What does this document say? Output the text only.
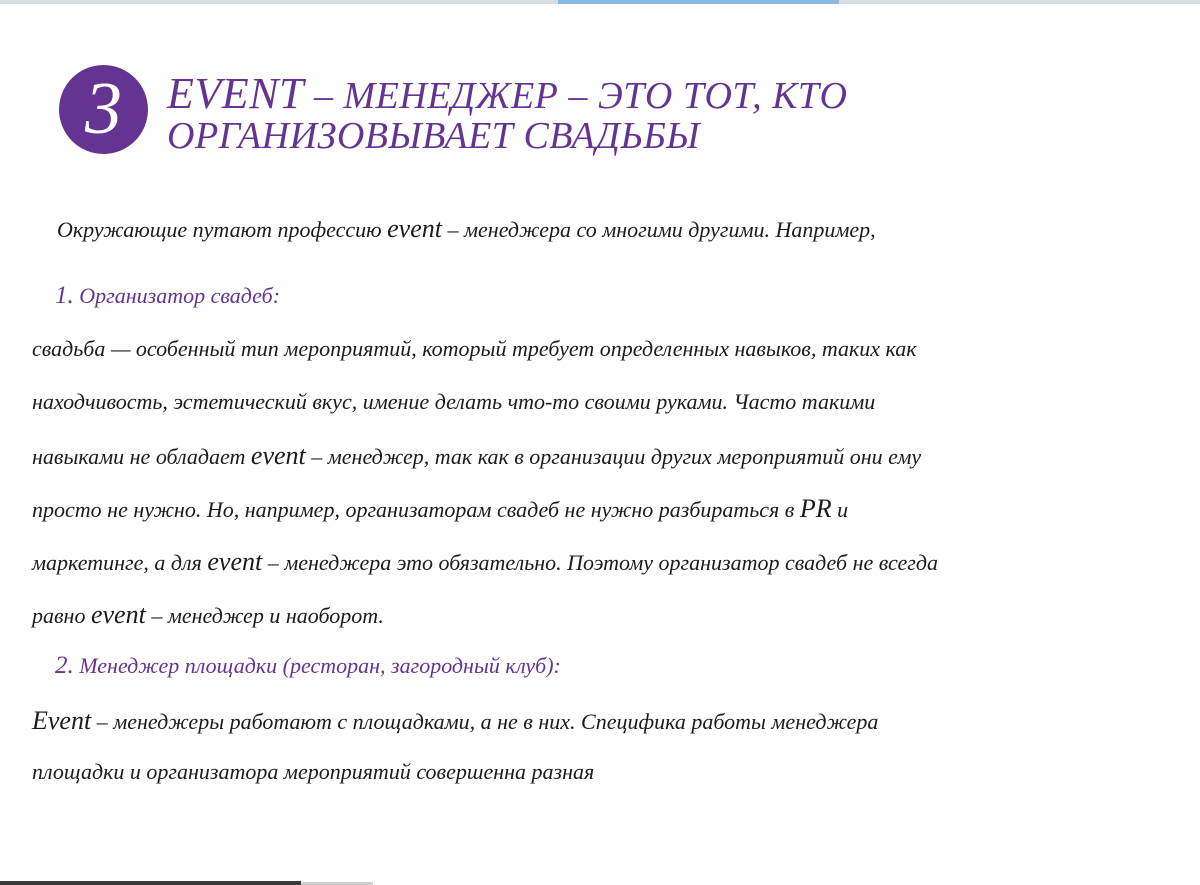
3	EVENT – МЕНЕДЖЕР – ЭТО ТОТ, КТО
ОРГАНИЗОВЫВАЕТ СВАДЬБЫ

Окружающие путают профессию event – менеджера со многими другими. Например,

1. Организатор свадеб:

свадьба — особенный тип мероприятий, который требует определенных навыков, таких как

находчивость, эстетический вкус, имение делать что-то своими руками. Часто такими

навыками не обладает event – менеджер, так как в организации других мероприятий они ему

просто не нужно. Но, например, организаторам свадеб не нужно разбираться в PR и

маркетинге, а для event – менеджера это обязательно. Поэтому организатор свадеб не всегда

равно event – менеджер и наоборот.

2. Менеджер площадки (ресторан, загородный клуб):

Event – менеджеры работают с площадками, а не в них. Специфика работы менеджера

площадки и организатора мероприятий совершенна разная
